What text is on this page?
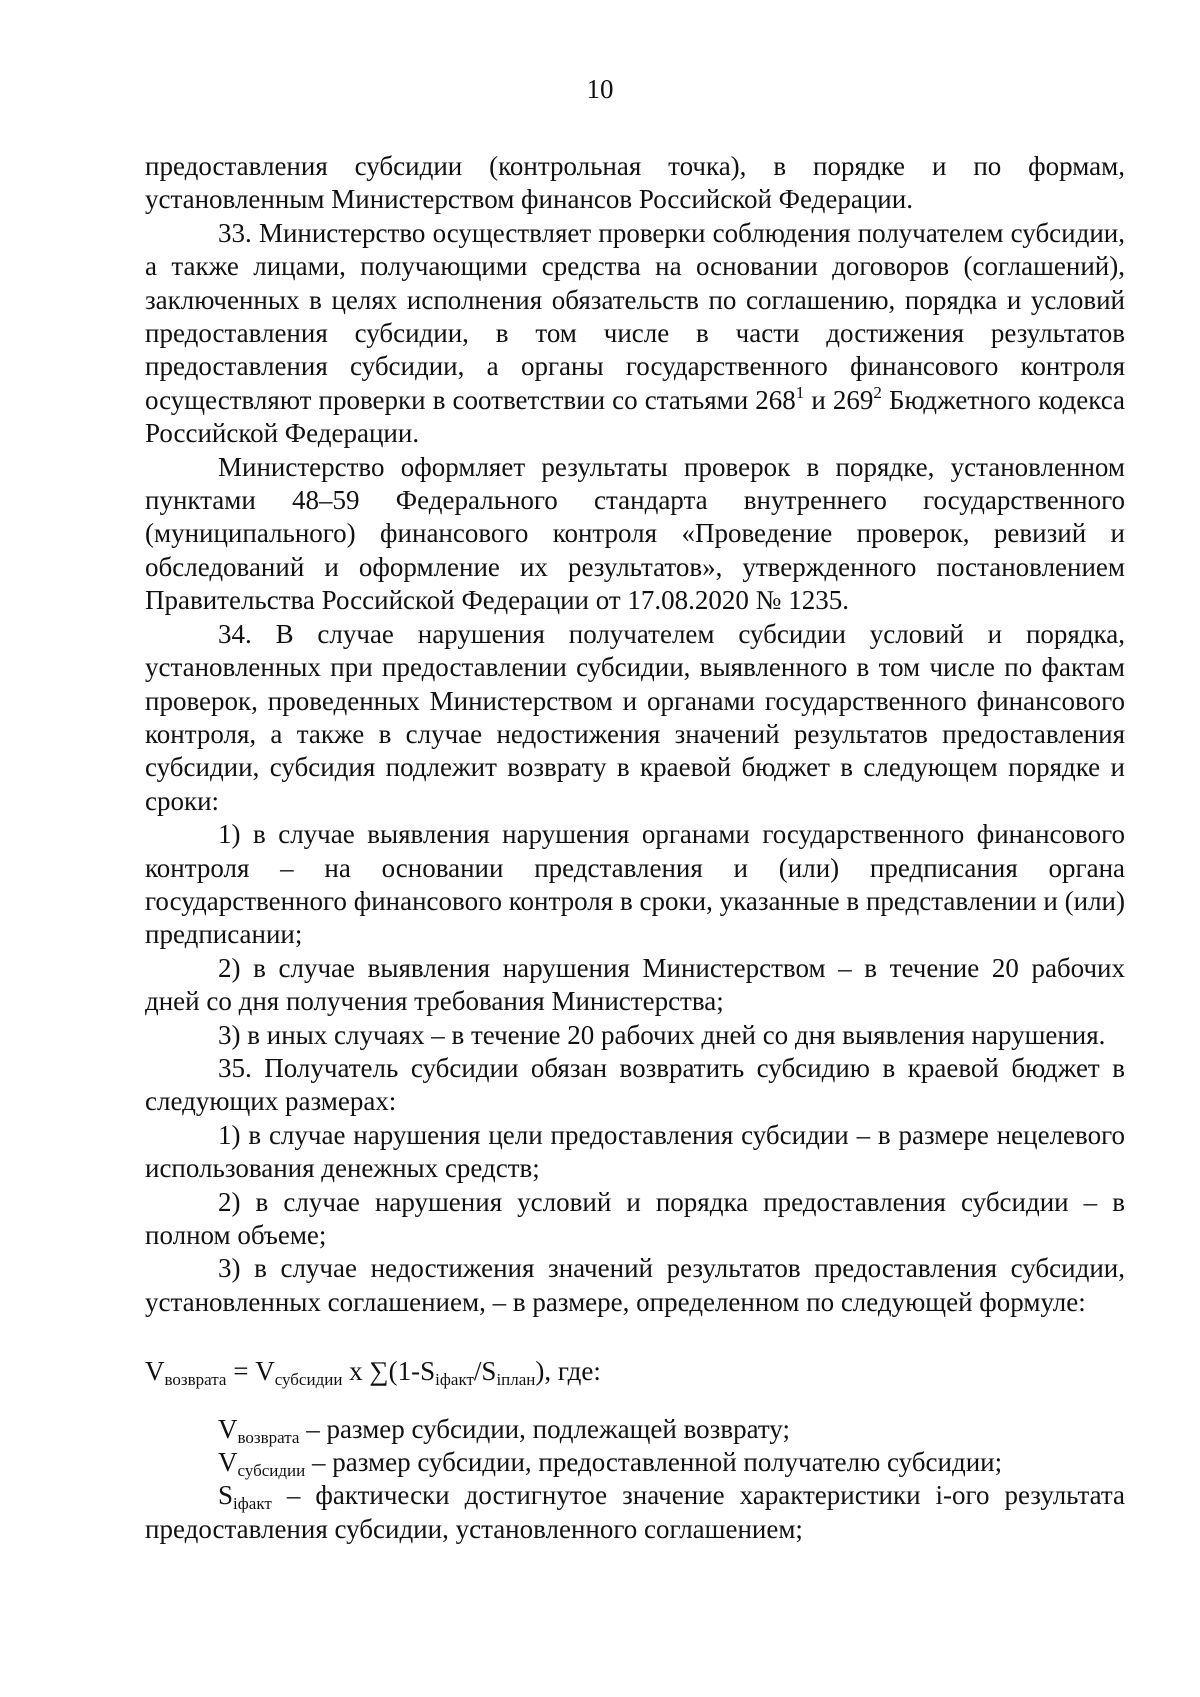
10

предоставления субсидии (контрольная точка), в порядке и по формам, установленным Министерством финансов Российской Федерации.

33. Министерство осуществляет проверки соблюдения получателем субсидии, а также лицами, получающими средства на основании договоров (соглашений), заключенных в целях исполнения обязательств по соглашению, порядка и условий предоставления субсидии, в том числе в части достижения результатов предоставления субсидии, а органы государственного финансового контроля осуществляют проверки в соответствии со статьями $268^1$ и $269^2$ Бюджетного кодекса Российской Федерации.

Министерство оформляет результаты проверок в порядке, установленном пунктами 48–59 Федерального стандарта внутреннего государственного (муниципального) финансового контроля «Проведение проверок, ревизий и обследований и оформление их результатов», утвержденного постановлением Правительства Российской Федерации от 17.08.2020 № 1235.

34. В случае нарушения получателем субсидии условий и порядка, установленных при предоставлении субсидии, выявленного в том числе по фактам проверок, проведенных Министерством и органами государственного финансового контроля, а также в случае недостижения значений результатов предоставления субсидии, субсидия подлежит возврату в краевой бюджет в следующем порядке и сроки:

1) в случае выявления нарушения органами государственного финансового контроля – на основании представления и (или) предписания органа государственного финансового контроля в сроки, указанные в представлении и (или) предписании;

2) в случае выявления нарушения Министерством – в течение 20 рабочих дней со дня получения требования Министерства;

3) в иных случаях – в течение 20 рабочих дней со дня выявления нарушения.

35. Получатель субсидии обязан возвратить субсидию в краевой бюджет в следующих размерах:

1) в случае нарушения цели предоставления субсидии – в размере нецелевого использования денежных средств;

2) в случае нарушения условий и порядка предоставления субсидии – в полном объеме;

3) в случае недостижения значений результатов предоставления субсидии, установленных соглашением, – в размере, определенном по следующей формуле:

$V_{возврата} = V_{субсидии}$ x $\sum(1-S_{iфакт}/S_{iплан})$, где:

Vвозврата – размер субсидии, подлежащей возврату;

Vсубсидии – размер субсидии, предоставленной получателю субсидии;

Siфакт – фактически достигнутое значение характеристики i-ого результата предоставления субсидии, установленного соглашением;
